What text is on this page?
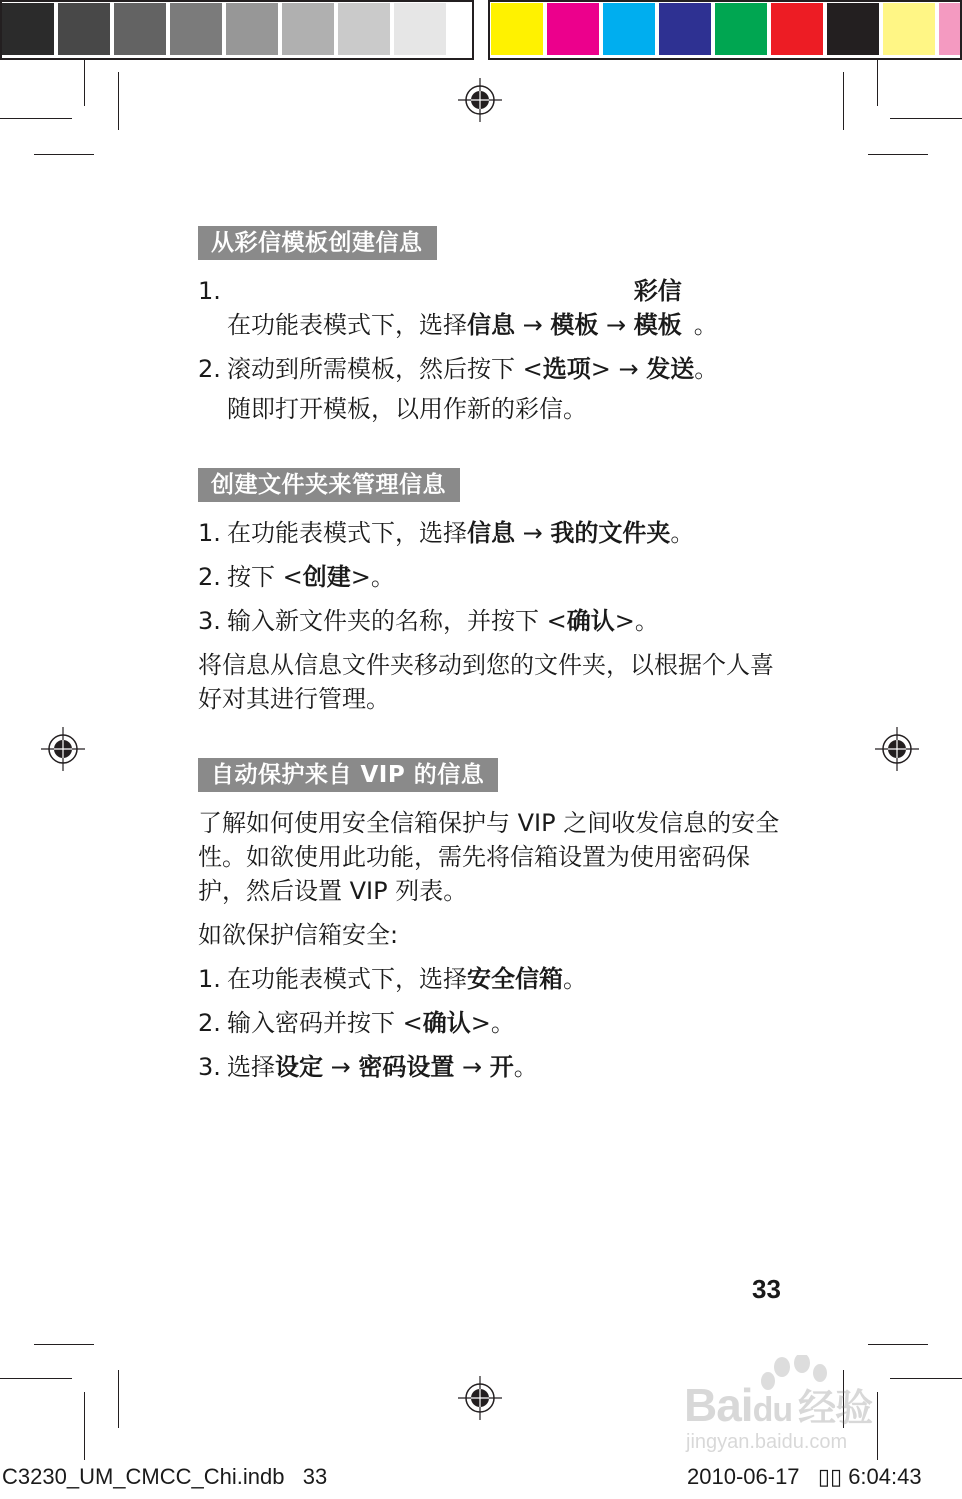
从彩信模板创建信息
1.
在功能表模式下，选择信息 → 模板 → 彩信模板 。
2. 滚动到所需模板，然后按下 <选项> → 发送。
随即打开模板，以用作新的彩信。
创建文件夹来管理信息
1. 在功能表模式下，选择信息 → 我的文件夹。
2. 按下 <创建>。
3. 输入新文件夹的名称，并按下 <确认>。
将信息从信息文件夹移动到您的文件夹，以根据个人喜好对其进行管理。
自动保护来自 VIP 的信息
了解如何使用安全信箱保护与 VIP 之间收发信息的安全性。如欲使用此功能，需先将信箱设置为使用密码保护，然后设置 VIP 列表。
如欲保护信箱安全:
1. 在功能表模式下，选择安全信箱。
2. 输入密码并按下 <确认>。
3. 选择设定 → 密码设置 → 开。
33
Baidu 经验
jingyan.baidu.com
C3230_UM_CMCC_Chi.indb   33	2010-06-17   ▯▯ 6:04:43
